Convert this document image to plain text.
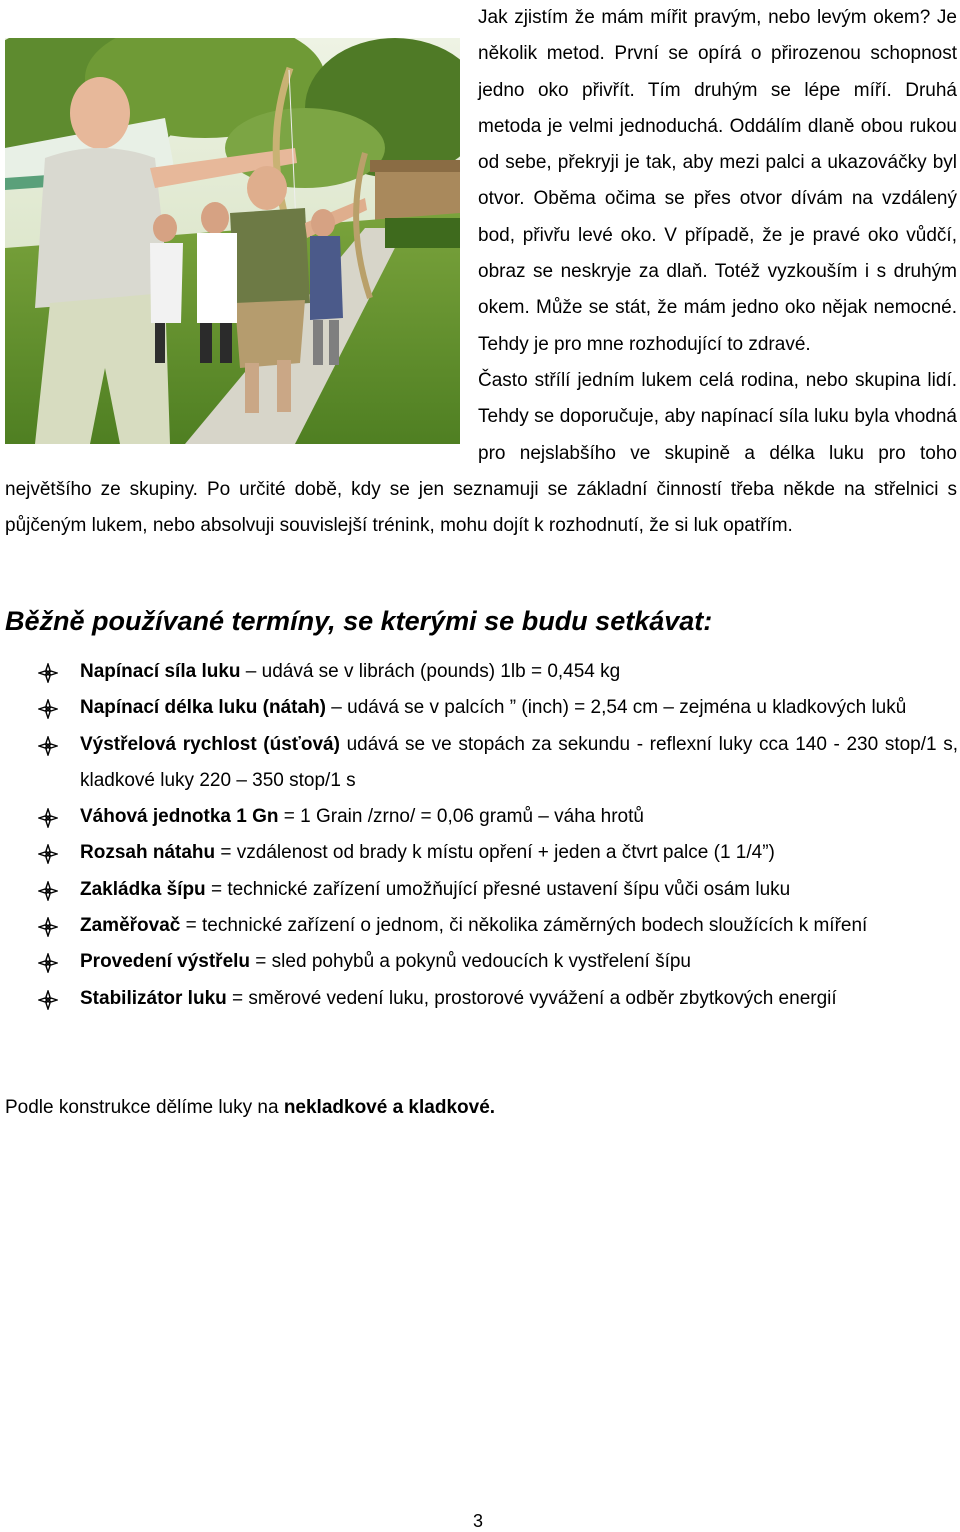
Jak zjistím že mám mířit pravým, nebo levým okem? Je několik metod. První se opírá o přirozenou schopnost jedno oko přivřít. Tím druhým se lépe míří. Druhá metoda je velmi jednoduchá. Oddálím dlaně obou rukou od sebe, překryji je tak, aby mezi palci a ukazováčky byl otvor. Oběma očima se přes otvor dívám na vzdálený bod, přivřu levé oko. V případě, že je pravé oko vůdčí, obraz se neskryje za dlaň. Totéž vyzkouším i s druhým okem. Může se stát, že mám jedno oko nějak nemocné. Tehdy je pro mne rozhodující to zdravé.

Často střílí jedním lukem celá rodina, nebo skupina lidí. Tehdy se doporučuje, aby napínací síla luku byla vhodná pro nejslabšího ve skupině a délka luku pro toho největšího ze skupiny. Po určité době, kdy se jen seznamuji se základní činností třeba někde na střelnici s půjčeným lukem, nebo absolvuji souvislejší trénink, mohu dojít k rozhodnutí, že si luk opatřím.

Běžně používané termíny, se kterými se budu setkávat:
Napínací síla luku – udává se v librách (pounds) 1lb = 0,454 kg
Napínací délka luku (nátah) – udává se v palcích ” (inch) = 2,54 cm – zejména u kladkových luků
Výstřelová rychlost (úsťová) udává se ve stopách za sekundu - reflexní luky cca 140 - 230 stop/1 s, kladkové luky 220 – 350 stop/1 s
Váhová jednotka 1 Gn = 1 Grain /zrno/ = 0,06 gramů – váha hrotů
Rozsah nátahu = vzdálenost od brady k místu opření + jeden a čtvrt palce (1 1/4”)
Zakládka šípu = technické zařízení umožňující přesné ustavení šípu vůči osám luku
Zaměřovač = technické zařízení o jednom, či několika záměrných bodech sloužících k míření
Provedení výstřelu = sled pohybů a pokynů vedoucích k vystřelení šípu
Stabilizátor luku = směrové vedení luku, prostorové vyvážení a odběr zbytkových energií

Podle konstrukce dělíme luky na nekladkové a kladkové.

3
